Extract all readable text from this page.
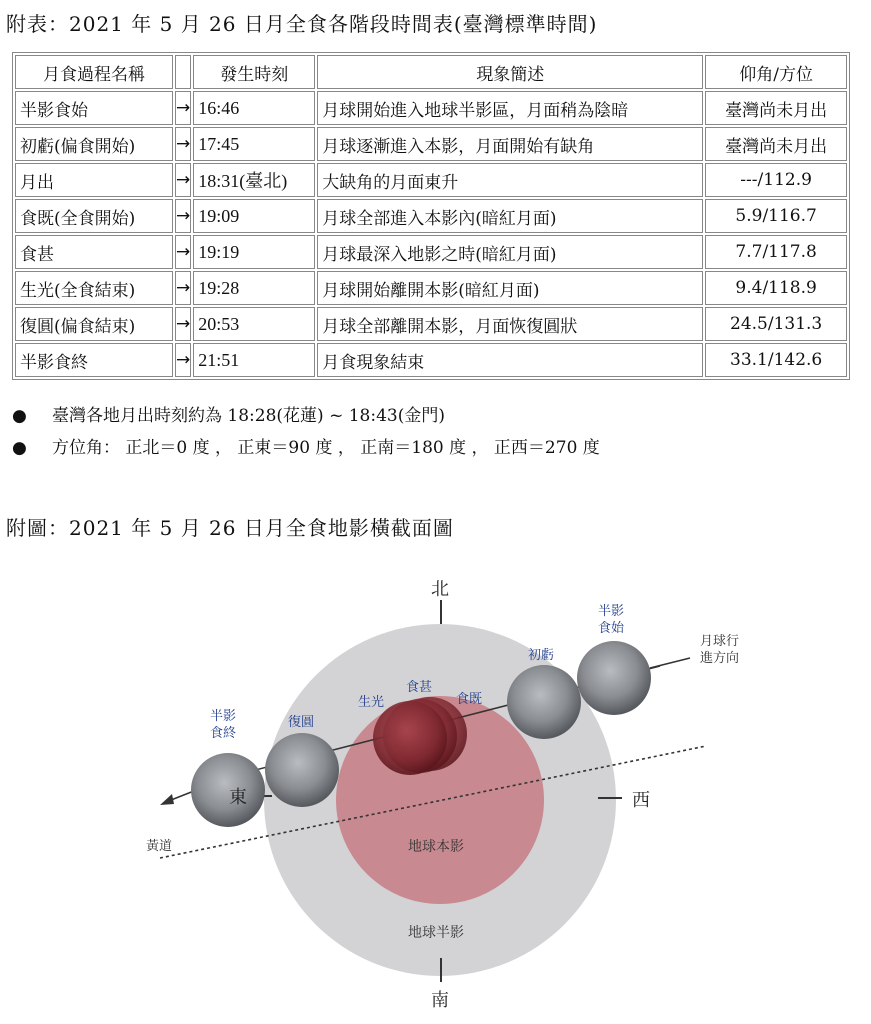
附表：2021 年 5 月 26 日月全食各階段時間表(臺灣標準時間)
月食過程名稱		發生時刻	現象簡述	仰角/方位
半影食始	→	16:46	月球開始進入地球半影區，月面稍為陰暗	臺灣尚未月出
初虧(偏食開始)	→	17:45	月球逐漸進入本影，月面開始有缺角	臺灣尚未月出
月出	→	18:31(臺北)	大缺角的月面東升	---/112.9
食既(全食開始)	→	19:09	月球全部進入本影內(暗紅月面)	5.9/116.7
食甚	→	19:19	月球最深入地影之時(暗紅月面)	7.7/117.8
生光(全食結束)	→	19:28	月球開始離開本影(暗紅月面)	9.4/118.9
復圓(偏食結束)	→	20:53	月球全部離開本影，月面恢復圓狀	24.5/131.3
半影食終	→	21:51	月食現象結束	33.1/142.6
● 臺灣各地月出時刻約為 18:28(花蓮) ~ 18:43(金門)
● 方位角： 正北＝0 度 ， 正東＝90 度 ， 正南＝180 度 ， 正西＝270 度
附圖：2021 年 5 月 26 日月全食地影橫截面圖
北
南
東	西
黃道	地球本影
地球半影
月球行
進方向
半影
食始
初虧
食既
食甚
生光
復圓
半影
食終
